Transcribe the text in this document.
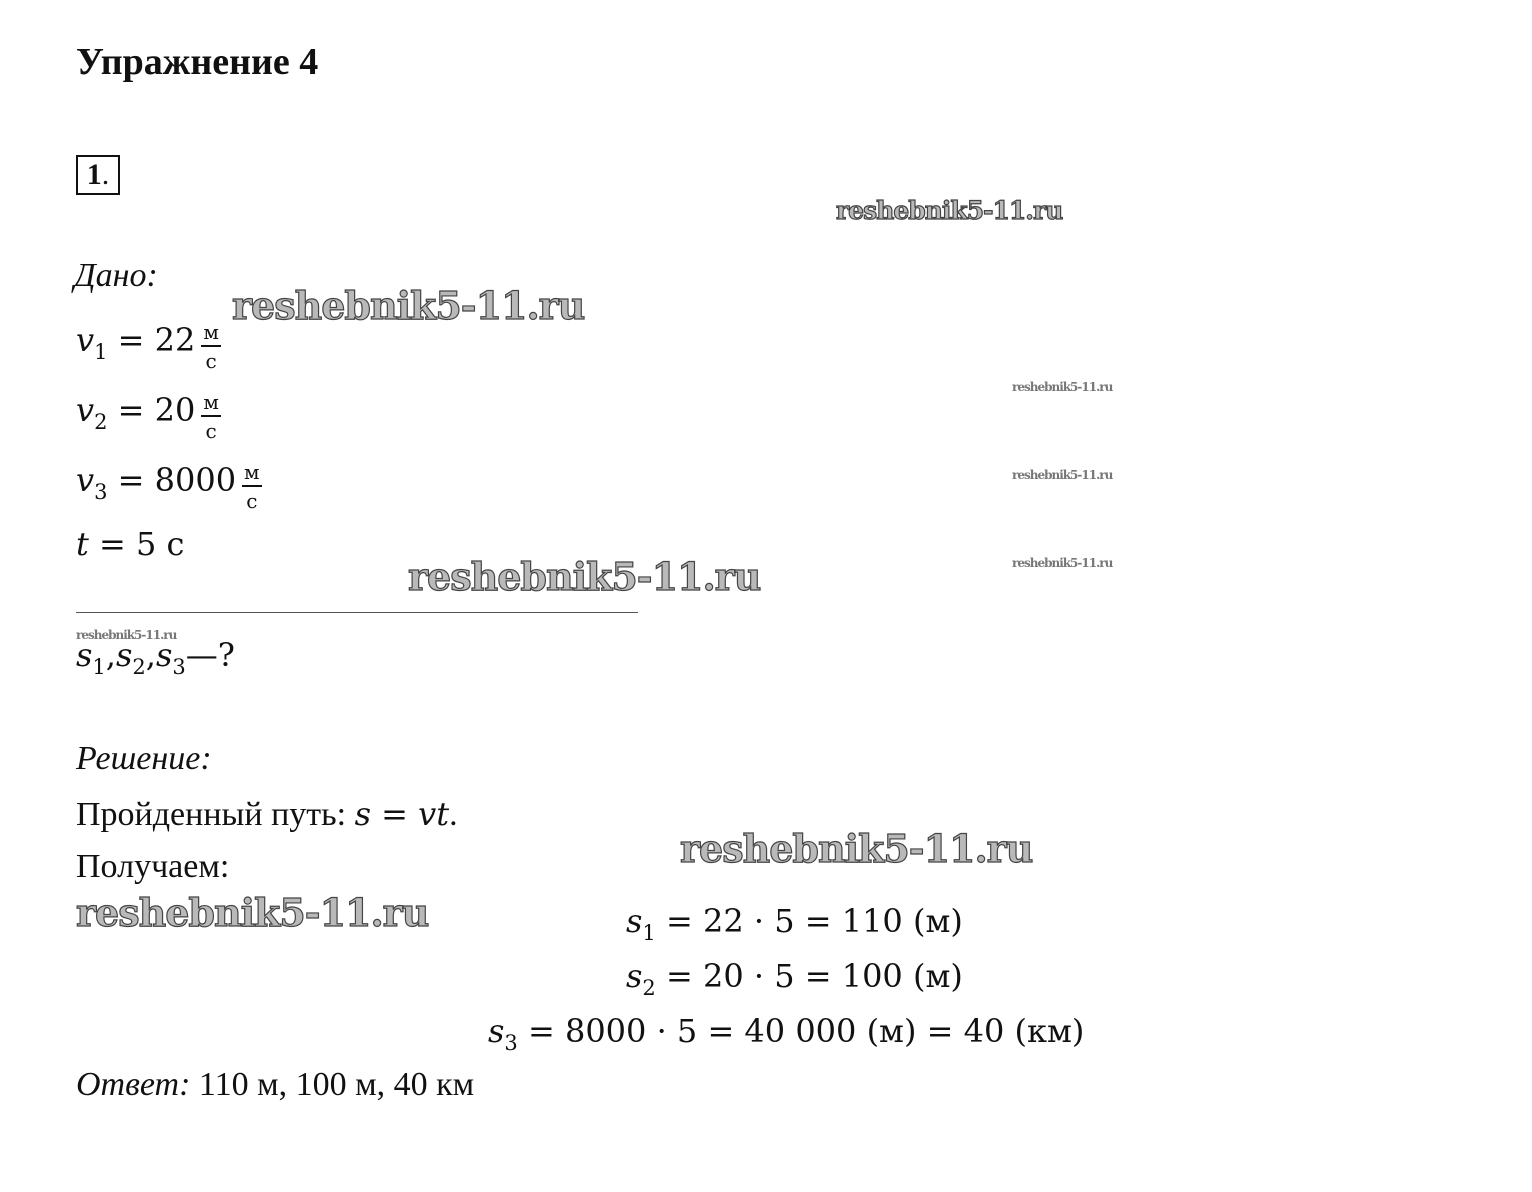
Упражнение 4
1 .
Дано:
$v_1 = 22 \frac{м}{с}$
$v_2 = 20 \frac{м}{с}$
$v_3 = 8000 \frac{м}{с}$
t = 5 с
$s_1,s_2,s_3—$?
Решение:
Пройденный путь: s = vt.
Получаем:
$s_1 = 22 \cdot 5 = 110$ (м)
$s_2 = 20 \cdot 5 = 100$ (м)
$s_3 = 8000 \cdot 5 = 40$ 000 (м) = 40 (км)
Ответ: 110 м, 100 м, 40 км
reshebnik5-11.ru
reshebnik5-11.ru
reshebnik5-11.ru
reshebnik5-11.ru
reshebnik5-11.ru
reshebnik5-11.ru
reshebnik5-11.ru
reshebnik5-11.ru
reshebnik5-11.ru
